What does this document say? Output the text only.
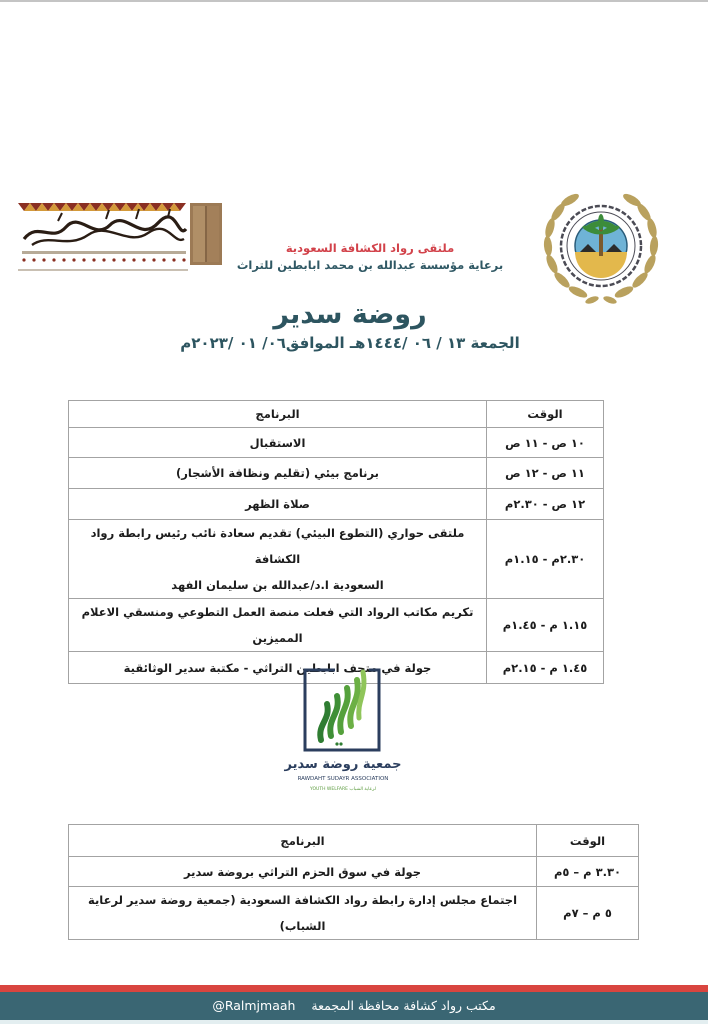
ملتقى رواد الكشافة السعودية
برعاية مؤسسة عبدالله بن محمد ابابطين للتراث
روضة سدير
الجمعة ١٣ / ٠٦ /١٤٤٤هـ الموافق٠٦/ ٠١ /٢٠٢٣م
الوقت	البرنامج
١٠ ص - ١١ ص	الاستقبال
١١ ص - ١٢ ص	برنامج بيئي (تقليم ونظافة الأشجار)
١٢ ص - ٢.٣٠م	صلاة الظهر
٢.٣٠م - ١.١٥م	ملتقى حواري (التطوع البيئي) تقديم سعادة نائب رئيس رابطة رواد الكشافة
السعودية ا.د/عبدالله بن سليمان الفهد

١.١٥ م - ١.٤٥م	تكريم مكاتب الرواد التي فعلت منصة العمل التطوعي ومنسقي الاعلام المميزين
١.٤٥ م - ٢.١٥م	جولة في متحف ابابطين التراثي - مكتبة سدير الوثائقية
جمعية روضة سدير
RAWDAHT SUDAYR ASSOCIATION
YOUTH WELFARE لرعاية الشباب
الوقت	البرنامج
٣.٣٠ م – ٥م	جولة في سوق الحزم التراثي بروضة سدير
٥ م – ٧م	اجتماع مجلس إدارة رابطة رواد الكشافة السعودية (جمعية روضة سدير لرعاية الشباب)
مكتب رواد كشافة محافظة المجمعة    @Ralmjmaah
